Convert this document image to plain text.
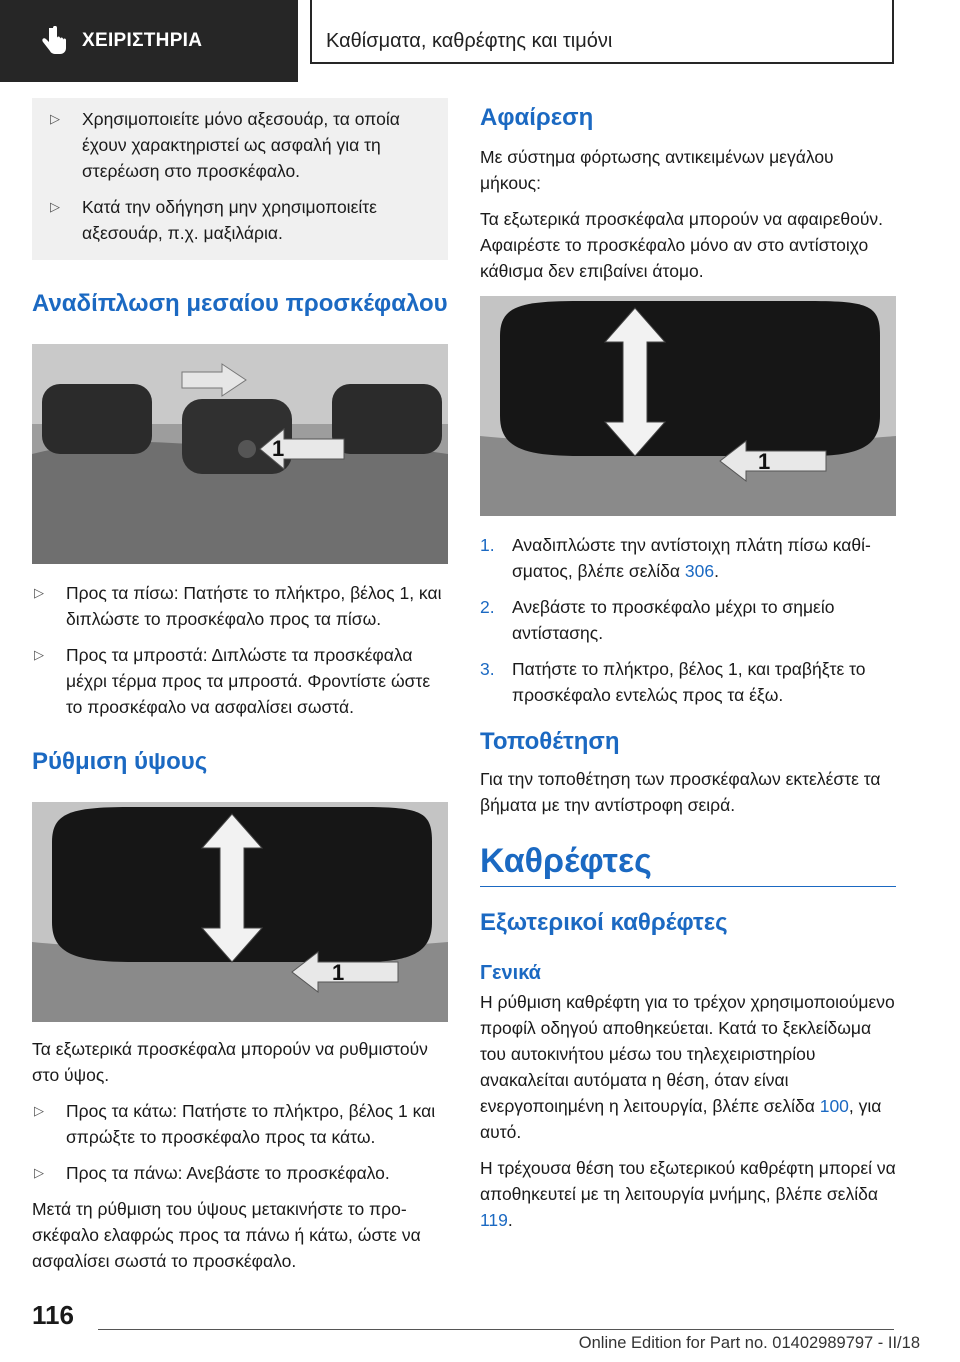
ΧΕΙΡΙΣΤΗΡΙΑ	Καθίσματα, καθρέφτης και τιμόνι
▷ Χρησιμοποιείτε μόνο αξεσουάρ, τα οποία έχουν χαρακτηριστεί ως ασφαλή για τη στερέωση στο προσκέφαλο.
▷ Κατά την οδήγηση μην χρησιμοποιείτε αξεσουάρ, π.χ. μαξιλάρια.
Αναδίπλωση μεσαίου προσκέφαλου
1
▷ Προς τα πίσω: Πατήστε το πλήκτρο, βέλος 1, και διπλώστε το προσκέφαλο προς τα πίσω.
▷ Προς τα μπροστά: Διπλώστε τα προσκέφαλα μέχρι τέρμα προς τα μπροστά. Φροντίστε ώστε το προσκέφαλο να ασφαλίσει σωστά.
Ρύθμιση ύψους
1

Τα εξωτερικά προσκέφαλα μπορούν να ρυθμιστούν στο ύψος.

▷ Προς τα κάτω: Πατήστε το πλήκτρο, βέλος 1 και σπρώξτε το προσκέφαλο προς τα κάτω.
▷ Προς τα πάνω: Ανεβάστε το προσκέφαλο.

Μετά τη ρύθμιση του ύψους μετακινήστε το προσκέφαλο ελαφρώς προς τα πάνω ή κάτω, ώστε να ασφαλίσει σωστά το προσκέφαλο.

Αφαίρεση

Με σύστημα φόρτωσης αντικειμένων μεγάλου μήκους:

Τα εξωτερικά προσκέφαλα μπορούν να αφαιρεθούν. Αφαιρέστε το προσκέφαλο μόνο αν στο αντίστοιχο κάθισμα δεν επιβαίνει άτομο.

1
1. Αναδιπλώστε την αντίστοιχη πλάτη πίσω καθίσματος, βλέπε σελίδα 306.
2. Ανεβάστε το προσκέφαλο μέχρι το σημείο αντίστασης.
3. Πατήστε το πλήκτρο, βέλος 1, και τραβήξτε το προσκέφαλο εντελώς προς τα έξω.
Τοποθέτηση

Για την τοποθέτηση των προσκέφαλων εκτελέστε τα βήματα με την αντίστροφη σειρά.

Καθρέφτες
Εξωτερικοί καθρέφτες
Γενικά

Η ρύθμιση καθρέφτη για το τρέχον χρησιμοποιούμενο προφίλ οδηγού αποθηκεύεται. Κατά το ξεκλείδωμα του αυτοκινήτου μέσω του τηλεχειριστηρίου ανακαλείται αυτόματα η θέση, όταν είναι ενεργοποιημένη η λειτουργία, βλέπε σελίδα 100, για αυτό.

Η τρέχουσα θέση του εξωτερικού καθρέφτη μπορεί να αποθηκευτεί με τη λειτουργία μνήμης, βλέπε σελίδα 119.

116
Online Edition for Part no. 01402989797 - II/18
